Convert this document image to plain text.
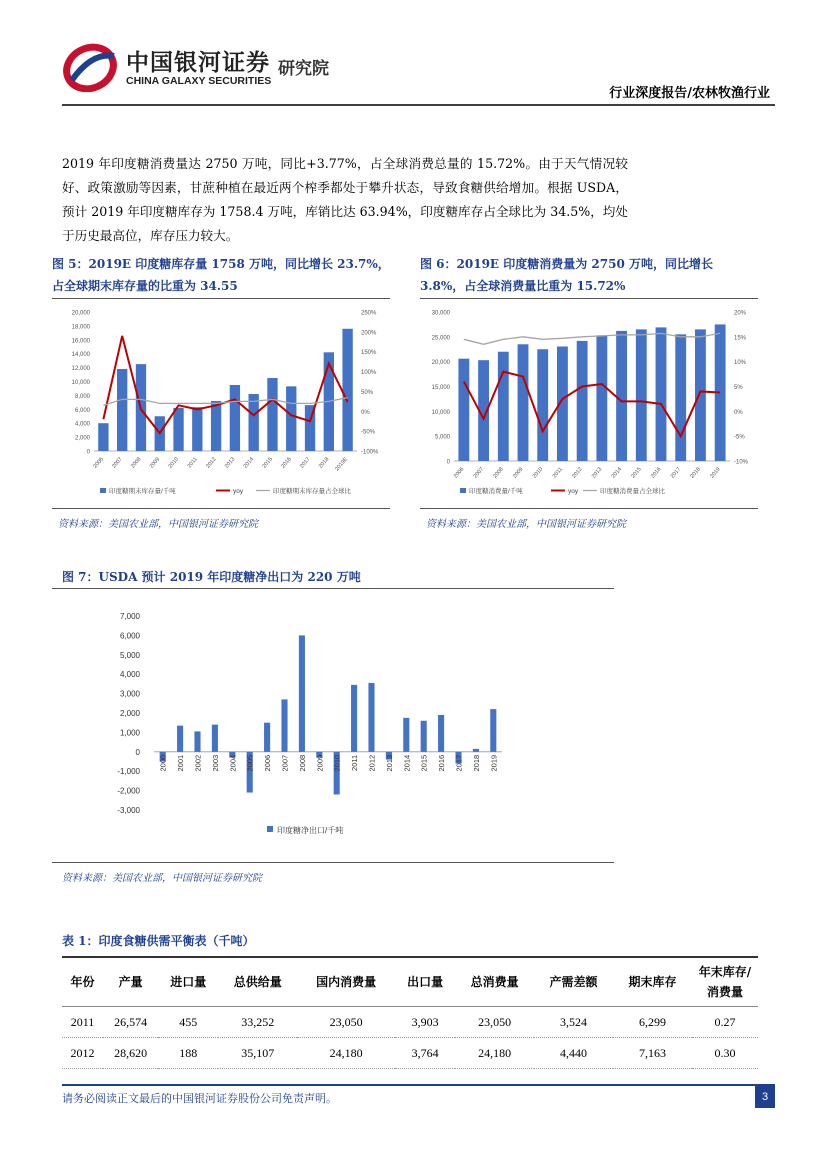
中国银河证券
CHINA GALAXY SECURITIES
研究院
行业深度报告/农林牧渔行业
2019 年印度糖消费量达 2750 万吨，同比+3.77%，占全球消费总量的 15.72%。由于天气情况较好、政策激励等因素，甘蔗种植在最近两个榨季都处于攀升状态，导致食糖供给增加。根据 USDA，预计 2019 年印度糖库存为 1758.4 万吨，库销比达 63.94%，印度糖库存占全球比为 34.5%，均处于历史最高位，库存压力较大。
图 5：2019E 印度糖库存量 1758 万吨，同比增长 23.7%，占全球期末库存量的比重为 34.55
0
2,000
4,000
6,000
8,000
10,000
12,000
14,000
16,000
18,000
20,000
-100%
-50%
0%
50%
100%
150%
200%
250%
2006 2007 2008 2009 2010 2011 2012 2013 2014 2015 2016 2017 2018 2019E
印度糖期末库存量/千吨	yoy	印度糖期末库存量占全球比
资料来源：美国农业部，中国银河证券研究院
图 6：2019E 印度糖消费量为 2750 万吨，同比增长 3.8%，占全球消费量比重为 15.72%
0
5,000
10,000
15,000
20,000
25,000
30,000
-10%
-5%
0%
5%
10%
15%
20%
2006 2007 2008 2009 2010 2011 2012 2013 2014 2015 2016 2017 2018 2019
印度糖消费量/千吨	yoy	印度糖消费量占全球比
资料来源：美国农业部，中国银河证券研究院
图 7：USDA 预计 2019 年印度糖净出口为 220 万吨
-3,000
-2,000
-1,000
0
1,000
2,000
3,000
4,000
5,000
6,000
7,000
2000 2001 2002 2003 2004 2005 2006 2007 2008 2009 2010 2011 2012 2013 2014 2015 2016 2017 2018 2019
印度糖净出口/千吨
资料来源：美国农业部，中国银河证券研究院
表 1：印度食糖供需平衡表（千吨）
年份	产量	进口量	总供给量	国内消费量	出口量	总消费量	产需差额	期末库存	年末库存/消费量
2011	26,574	455	33,252	23,050	3,903	23,050	3,524	6,299	0.27
2012	28,620	188	35,107	24,180	3,764	24,180	4,440	7,163	0.30
请务必阅读正文最后的中国银河证券股份公司免责声明。	3
